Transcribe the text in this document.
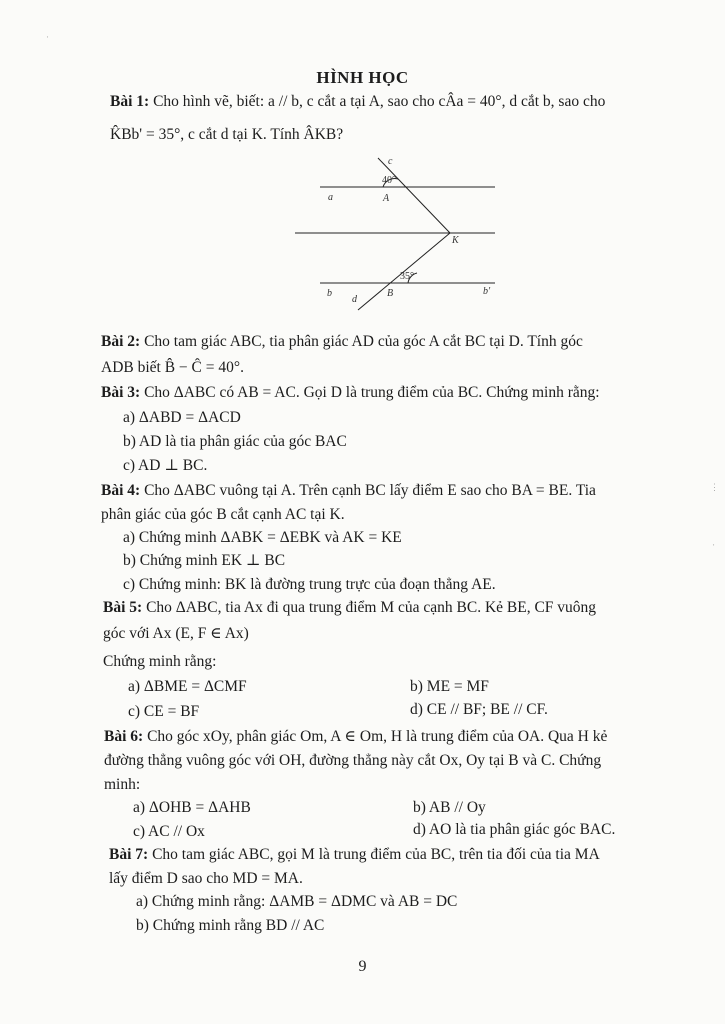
HÌNH HỌC
Bài 1: Cho hình vẽ, biết: a // b, c cắt a tại A, sao cho cÂa = 40°, d cắt b, sao cho
K̂Bb' = 35°, c cắt d tại K. Tính ÂKB?
c
40°
a	A
K
35°
b	B	b'
d
Bài 2: Cho tam giác ABC, tia phân giác AD của góc A cắt BC tại D. Tính góc
ADB biết B̂ − Ĉ = 40°.
Bài 3: Cho ΔABC có AB = AC. Gọi D là trung điểm của BC. Chứng minh rằng:
a) ΔABD = ΔACD
b) AD là tia phân giác của góc BAC
c) AD ⊥ BC.
Bài 4: Cho ΔABC vuông tại A. Trên cạnh BC lấy điểm E sao cho BA = BE. Tia
phân giác của góc B cắt cạnh AC tại K.
a) Chứng minh ΔABK = ΔEBK và AK = KE
b) Chứng minh EK ⊥ BC
c) Chứng minh: BK là đường trung trực của đoạn thẳng AE.
Bài 5: Cho ΔABC, tia Ax đi qua trung điểm M của cạnh BC. Kẻ BE, CF vuông
góc với Ax (E, F ∈ Ax)
Chứng minh rằng:
a) ΔBME = ΔCMF	b) ME = MF
c) CE = BF	d) CE // BF; BE // CF.
Bài 6: Cho góc xOy, phân giác Om, A ∈ Om, H là trung điểm của OA. Qua H kẻ
đường thẳng vuông góc với OH, đường thẳng này cắt Ox, Oy tại B và C. Chứng
minh:
a) ΔOHB = ΔAHB	b) AB // Oy
c) AC // Ox	d) AO là tia phân giác góc BAC.
Bài 7: Cho tam giác ABC, gọi M là trung điểm của BC, trên tia đối của tia MA
lấy điểm D sao cho MD = MA.
a) Chứng minh rằng: ΔAMB = ΔDMC và AB = DC
b) Chứng minh rằng BD // AC
9
·
⋮
⋅
